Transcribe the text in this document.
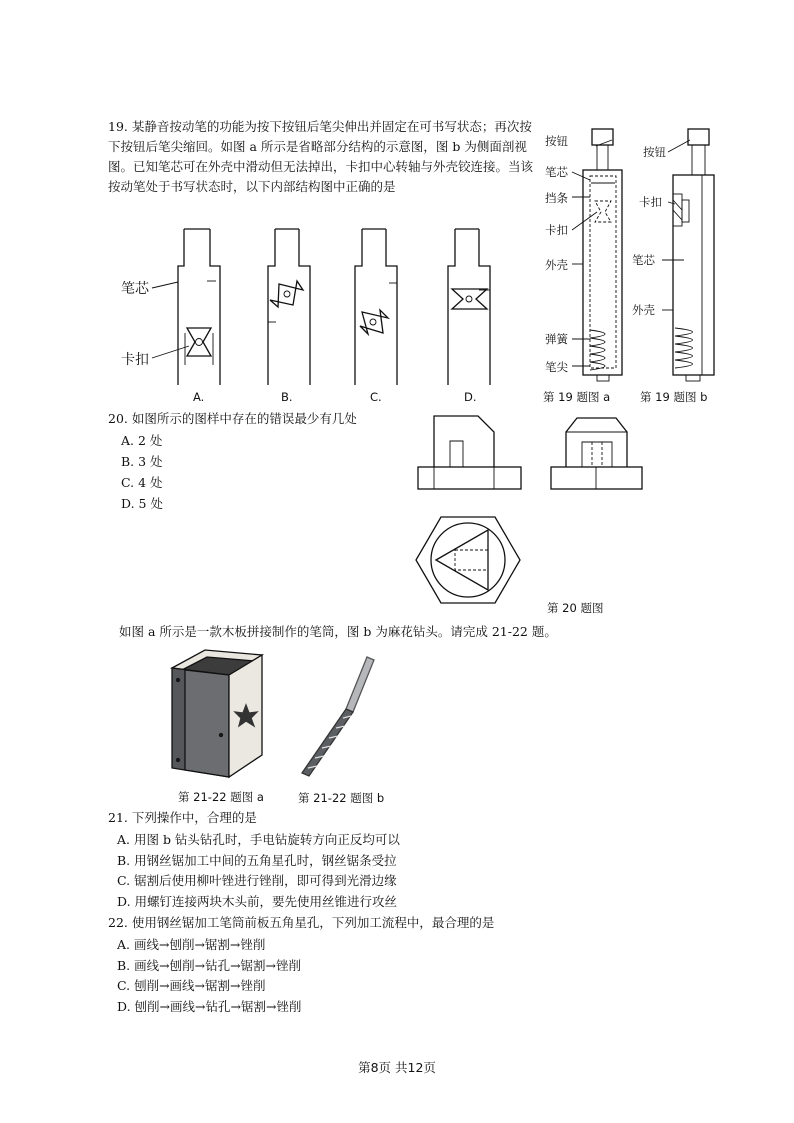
19. 某静音按动笔的功能为按下按钮后笔尖伸出并固定在可书写状态；再次按下按钮后笔尖缩回。如图 a 所示是省略部分结构的示意图，图 b 为侧面剖视图。已知笔芯可在外壳中滑动但无法掉出，卡扣中心转轴与外壳铰连接。当该按动笔处于书写状态时，以下内部结构图中正确的是
笔芯
卡扣
A.	B.	C.	D.
按钮
笔芯
挡条
卡扣
外壳
弹簧
笔尖
第 19 题图 a
按钮
卡扣
笔芯
外壳
第 19 题图 b
20. 如图所示的图样中存在的错误最少有几处
A. 2 处
B. 3 处
C. 4 处
D. 5 处
第 20 题图
如图 a 所示是一款木板拼接制作的笔筒，图 b 为麻花钻头。请完成 21-22 题。
第 21-22 题图 a	第 21-22 题图 b
21. 下列操作中，合理的是
A. 用图 b 钻头钻孔时，手电钻旋转方向正反均可以
B. 用钢丝锯加工中间的五角星孔时，钢丝锯条受拉
C. 锯割后使用柳叶锉进行锉削，即可得到光滑边缘
D. 用螺钉连接两块木头前，要先使用丝锥进行攻丝
22. 使用钢丝锯加工笔筒前板五角星孔，下列加工流程中，最合理的是
A. 画线→刨削→锯割→锉削
B. 画线→刨削→钻孔→锯割→锉削
C. 刨削→画线→锯割→锉削
D. 刨削→画线→钻孔→锯割→锉削
第8页 共12页
